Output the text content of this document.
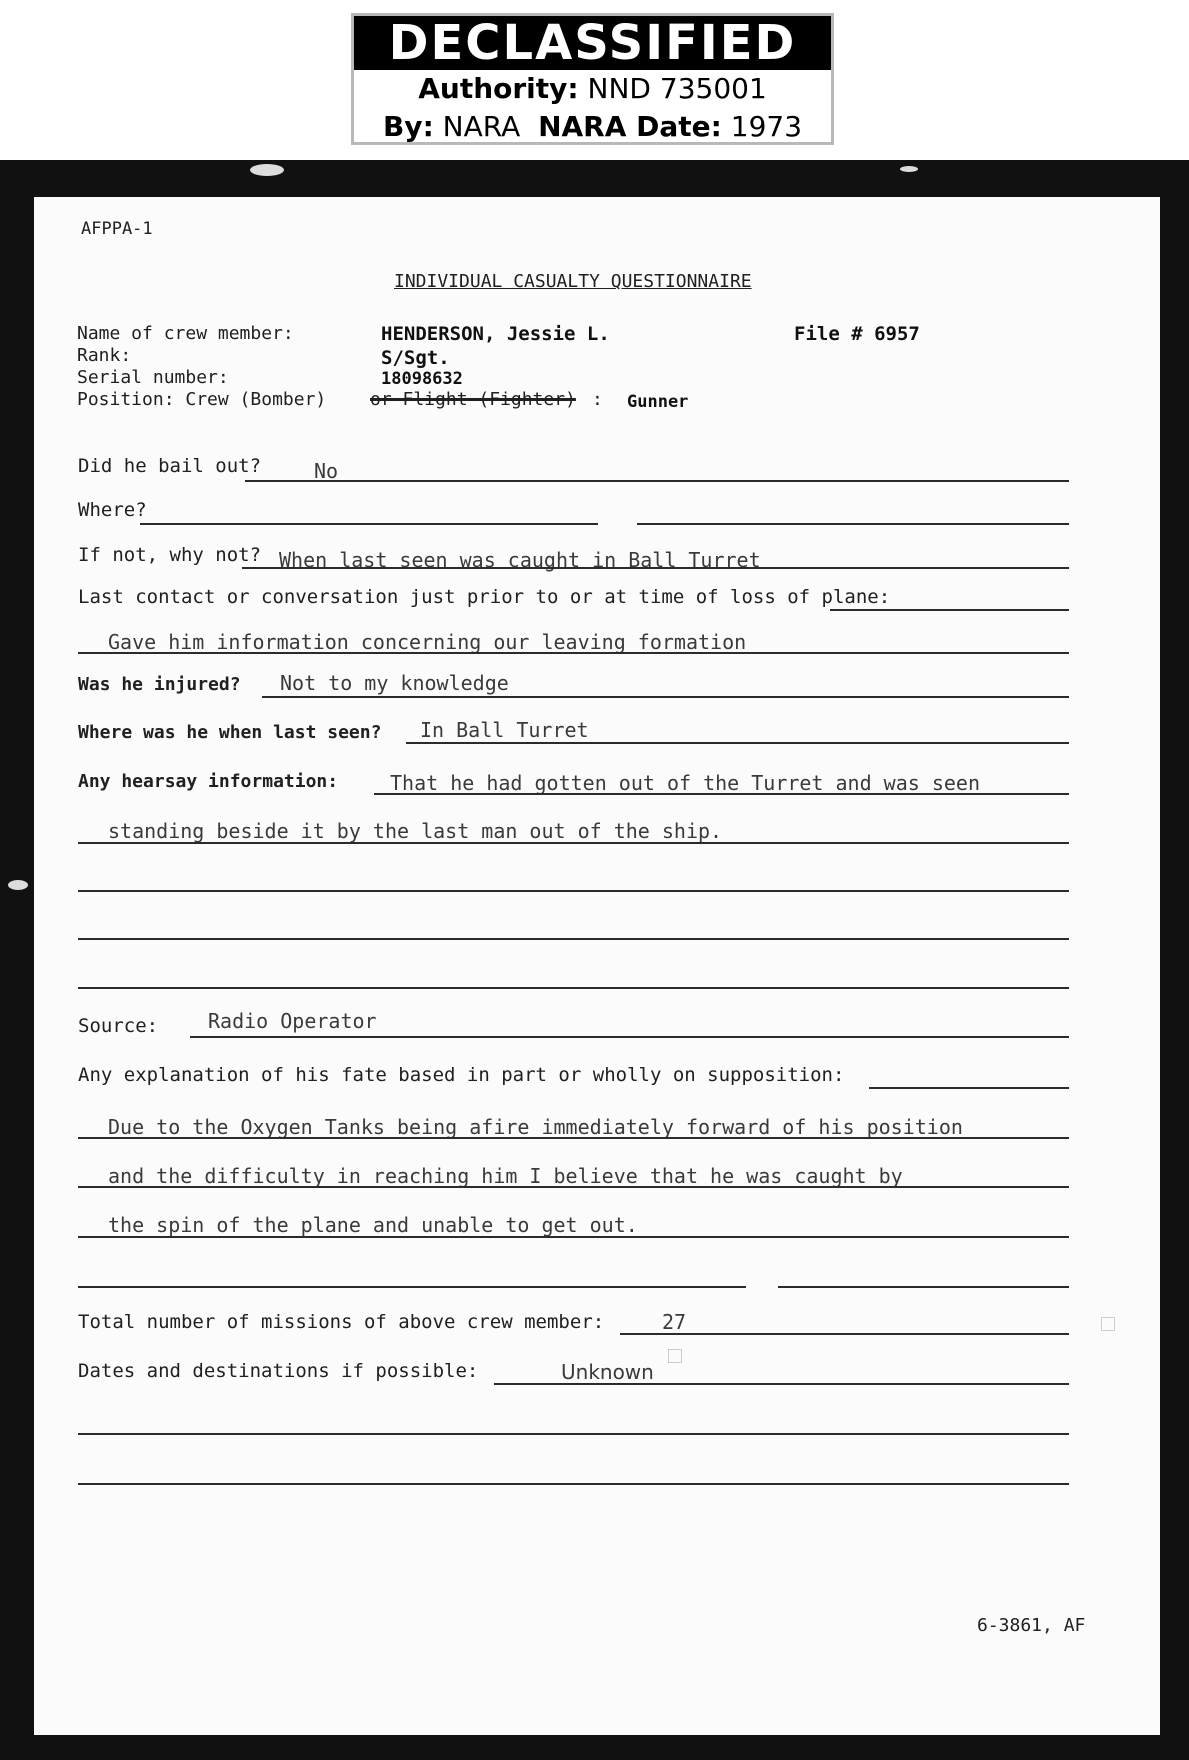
DECLASSIFIED
Authority: NND 735001
By: NARA NARA Date: 1973
AFPPA-1
INDIVIDUAL CASUALTY QUESTIONNAIRE
Name of crew member:	HENDERSON, Jessie L.	File # 6957
Rank:	S/Sgt.
Serial number:	18098632
Position: Crew (Bomber) or Flight (Fighter) : Gunner
Did he bail out?	No
Where?
If not, why not? When last seen was caught in Ball Turret
Last contact or conversation just prior to or at time of loss of plane:
Gave him information concerning our leaving formation
Was he injured? Not to my knowledge
Where was he when last seen? In Ball Turret
Any hearsay information:	That he had gotten out of the Turret and was seen
standing beside it by the last man out of the ship.
Source: Radio Operator
Any explanation of his fate based in part or wholly on supposition:
Due to the Oxygen Tanks being afire immediately forward of his position
and the difficulty in reaching him I believe that he was caught by
the spin of the plane and unable to get out.
Total number of missions of above crew member:	27
Dates and destinations if possible:	Unknown
6-3861, AF
